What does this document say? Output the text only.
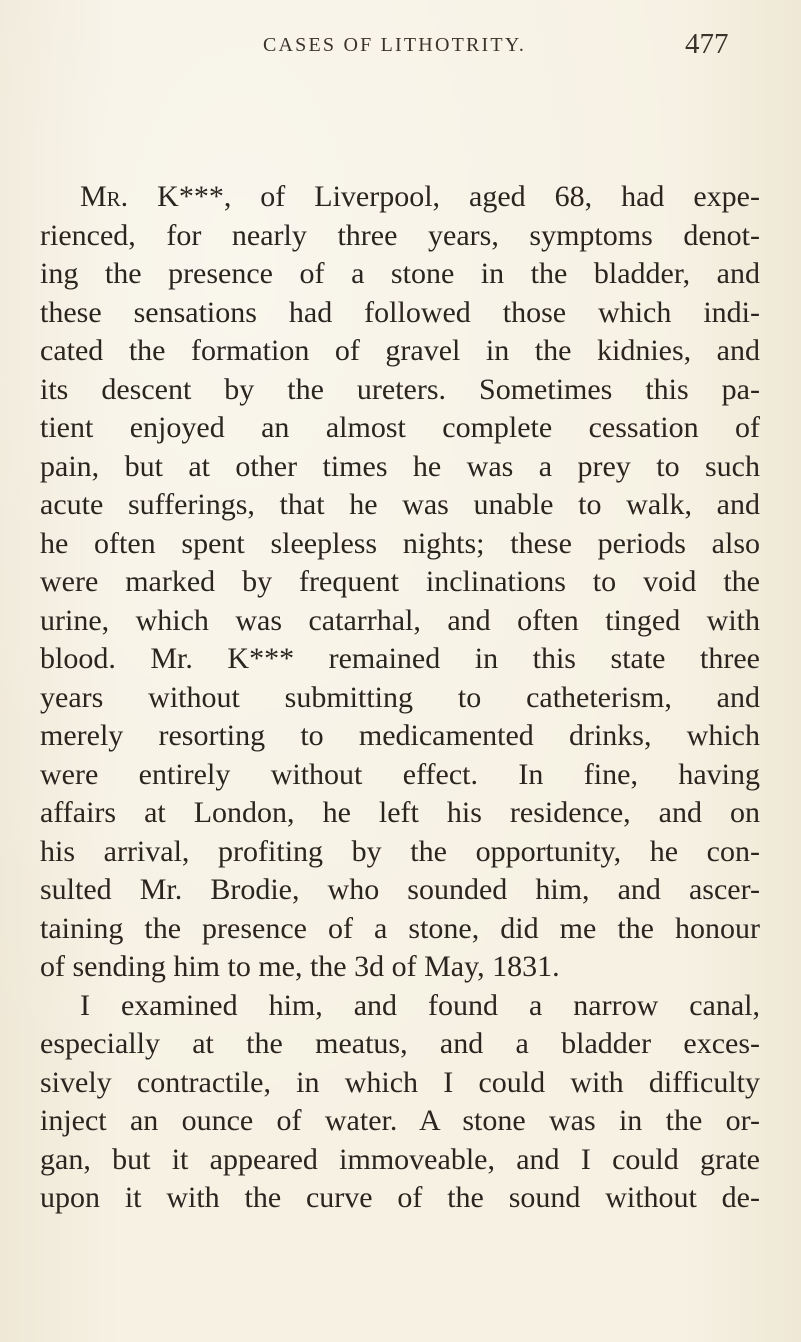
CASES OF LITHOTRITY.	477
Mr. K***, of Liverpool, aged 68, had expe-
rienced, for nearly three years, symptoms denot-
ing the presence of a stone in the bladder, and
these sensations had followed those which indi-
cated the formation of gravel in the kidnies, and
its descent by the ureters. Sometimes this pa-
tient enjoyed an almost complete cessation of
pain, but at other times he was a prey to such
acute sufferings, that he was unable to walk, and
he often spent sleepless nights; these periods also
were marked by frequent inclinations to void the
urine, which was catarrhal, and often tinged with
blood. Mr. K*** remained in this state three
years without submitting to catheterism, and
merely resorting to medicamented drinks, which
were entirely without effect. In fine, having
affairs at London, he left his residence, and on
his arrival, profiting by the opportunity, he con-
sulted Mr. Brodie, who sounded him, and ascer-
taining the presence of a stone, did me the honour
of sending him to me, the 3d of May, 1831.
I examined him, and found a narrow canal,
especially at the meatus, and a bladder exces-
sively contractile, in which I could with difficulty
inject an ounce of water. A stone was in the or-
gan, but it appeared immoveable, and I could grate
upon it with the curve of the sound without de-
